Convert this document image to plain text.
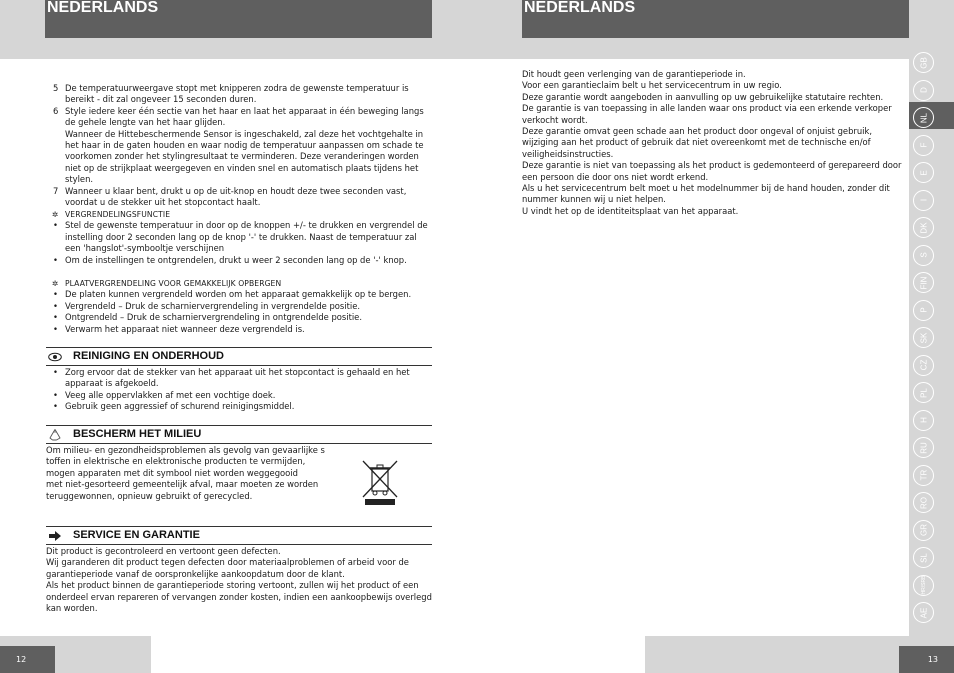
NEDERLANDS	NEDERLANDS
5 De temperatuurweergave stopt met knipperen zodra de gewenste temperatuur is bereikt - dit zal ongeveer 15 seconden duren.

6 Style iedere keer één sectie van het haar en laat het apparaat in één beweging langs de gehele lengte van het haar glijden.

Wanneer de Hittebeschermende Sensor is ingeschakeld, zal deze het vochtgehalte in het haar in de gaten houden en waar nodig de temperatuur aanpassen om schade te voorkomen zonder het stylingresultaat te verminderen. Deze veranderingen worden niet op de strijkplaat weergegeven en vinden snel en automatisch plaats tijdens het stylen.

7 Wanneer u klaar bent, drukt u op de uit-knop en houdt deze twee seconden vast, voordat u de stekker uit het stopcontact haalt.

✲ VERGRENDELINGSFUNCTIE
• Stel de gewenste temperatuur in door op de knoppen +/- te drukken en vergrendel de instelling door 2 seconden lang op de knop '-' te drukken. Naast de temperatuur zal een 'hangslot'-symbooltje verschijnen

• Om de instellingen te ontgrendelen, drukt u weer 2 seconden lang op de '-' knop.

✲ PLAATVERGRENDELING VOOR GEMAKKELIJK OPBERGEN
• De platen kunnen vergrendeld worden om het apparaat gemakkelijk op te bergen.

• Vergrendeld – Druk de scharniervergrendeling in vergrendelde positie.

• Ontgrendeld – Druk de scharniervergrendeling in ontgrendelde positie.

• Verwarm het apparaat niet wanneer deze vergrendeld is.

REINIGING EN ONDERHOUD
• Zorg ervoor dat de stekker van het apparaat uit het stopcontact is gehaald en het apparaat is afgekoeld.

• Veeg alle oppervlakken af met een vochtige doek.

• Gebruik geen aggressief of schurend reinigingsmiddel.

BESCHERM HET MILIEU

Om milieu- en gezondheidsproblemen als gevolg van gevaarlijke s

toffen in elektrische en elektronische producten te vermijden,

mogen apparaten met dit symbool niet worden weggegooid

met niet-gesorteerd gemeentelijk afval, maar moeten ze worden

teruggewonnen, opnieuw gebruikt of gerecycled.

SERVICE EN GARANTIE

Dit product is gecontroleerd en vertoont geen defecten.

Wij garanderen dit product tegen defecten door materiaalproblemen of arbeid voor de

garantieperiode vanaf de oorspronkelijke aankoopdatum door de klant.

Als het product binnen de garantieperiode storing vertoont, zullen wij het product of een

onderdeel ervan repareren of vervangen zonder kosten, indien een aankoopbewijs overlegd

kan worden.

Dit houdt geen verlenging van de garantieperiode in.

Voor een garantieclaim belt u het servicecentrum in uw regio.

Deze garantie wordt aangeboden in aanvulling op uw gebruikelijke statutaire rechten.

De garantie is van toepassing in alle landen waar ons product via een erkende verkoper

verkocht wordt.

Deze garantie omvat geen schade aan het product door ongeval of onjuist gebruik,

wijziging aan het product of gebruik dat niet overeenkomt met de technische en/of

veiligheidsinstructies.

Deze garantie is niet van toepassing als het product is gedemonteerd of gerepareerd door

een persoon die door ons niet wordt erkend.

Als u het servicecentrum belt moet u het modelnummer bij de hand houden, zonder dit

nummer kunnen wij u niet helpen.

U vindt het op de identiteitsplaat van het apparaat.

GB
D
NL
F
E
I
DK
S
FIN
P
SK
CZ
PL
H
RU
TR
RO
GR
SL
HR/SRB
AE
12	13
